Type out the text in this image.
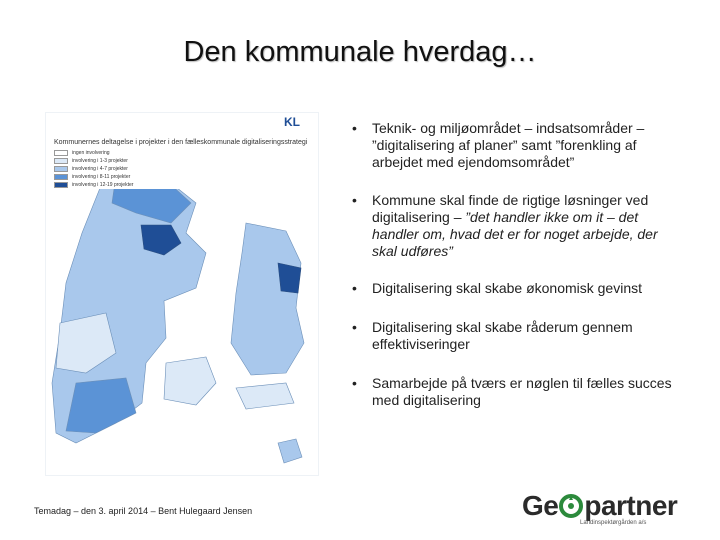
Den kommunale hverdag…
KL
Kommunernes deltagelse i projekter i den fælleskommunale digitaliseringsstrategi
ingen involvering
involvering i 1-3 projekter
involvering i 4-7 projekter
involvering i 8-11 projekter
involvering i 12-19 projekter
• Teknik- og miljøområdet – indsatsområder – ”digitalisering af planer” samt ”forenkling af arbejdet med ejendomsområdet”
• Kommune skal finde de rigtige løsninger ved digitalisering – ”det handler ikke om it – det handler om, hvad det er for noget arbejde, der skal udføres”
• Digitalisering skal skabe økonomisk gevinst
• Digitalisering skal skabe råderum gennem effektiviseringer
• Samarbejde på tværs er nøglen til fælles succes med digitalisering
Temadag – den 3. april 2014 – Bent Hulegaard Jensen	Ge partner
Landinspektørgården a/s
